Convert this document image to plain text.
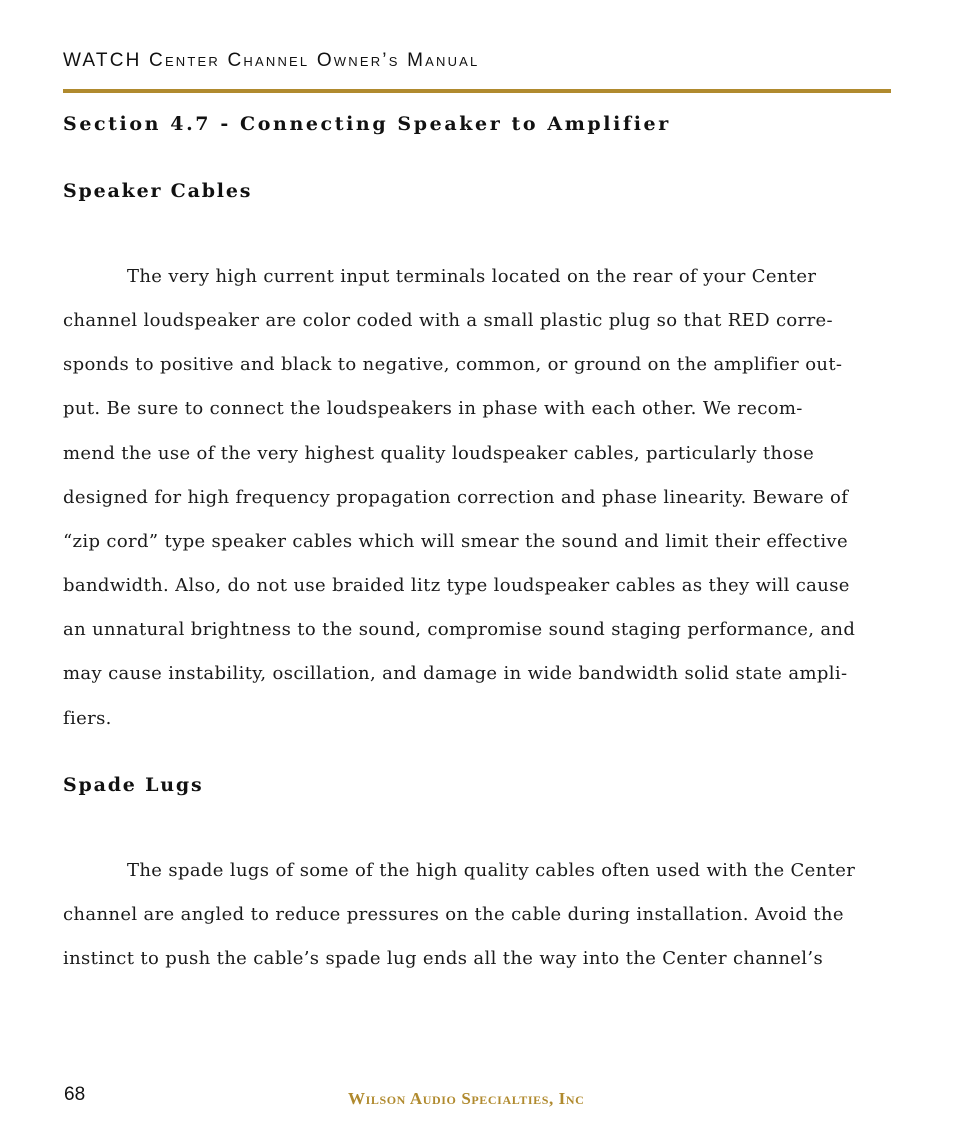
WATCH Center Channel Owner’s Manual
Section 4.7 - Connecting Speaker to Amplifier
Speaker Cables
The very high current input terminals located on the rear of your Center
channel loudspeaker are color coded with a small plastic plug so that RED corre-
sponds to positive and black to negative, common, or ground on the amplifier out-
put. Be sure to connect the loudspeakers in phase with each other. We recom-
mend the use of the very highest quality loudspeaker cables, particularly those
designed for high frequency propagation correction and phase linearity. Beware of
“zip cord” type speaker cables which will smear the sound and limit their effective
bandwidth. Also, do not use braided litz type loudspeaker cables as they will cause
an unnatural brightness to the sound, compromise sound staging performance, and
may cause instability, oscillation, and damage in wide bandwidth solid state ampli-
fiers.
Spade Lugs
The spade lugs of some of the high quality cables often used with the Center
channel are angled to reduce pressures on the cable during installation. Avoid the
instinct to push the cable’s spade lug ends all the way into the Center channel’s
68	Wilson Audio Specialties, Inc
